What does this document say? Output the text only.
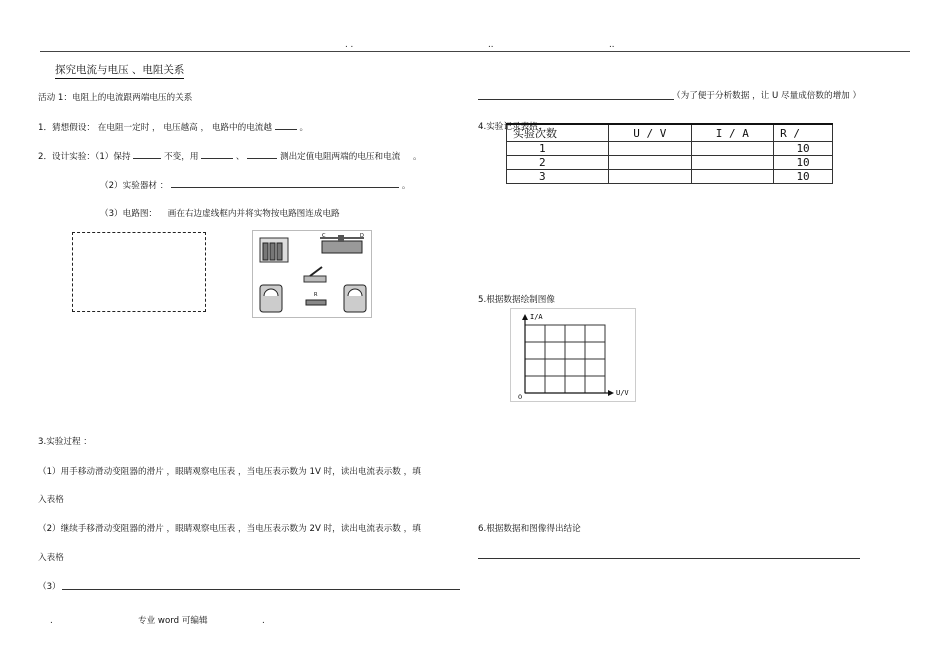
. .	..	..
探究电流与电压 、电阻关系
活动 1：电阻上的电流跟两端电压的关系
1．猜想假设： 在电阻一定时 ， 电压越高 ， 电路中的电流越	。
2．设计实验：（1）保持	不变，用	、	测出定值电阻两端的电压和电流 。
（2）实验器材 ：	。
（3）电路图： 画在右边虚线框内并将实物按电路图连成电路
C	D
R
3.实验过程 ：
（1）用手移动滑动变阻器的滑片 ，眼睛观察电压表 ，当电压表示数为 1V 时，读出电流表示数 ，填
入表格
（2）继续手移滑动变阻器的滑片 ，眼睛观察电压表 ，当电压表示数为 2V 时，读出电流表示数 ，填
入表格
（3）
（为了便于分析数据 ，让 U 尽量成倍数的增加 ）
4.实验记录表格：
实验次数	U / V	I / A	R /
1			10
2			10
3			10
5.根据数据绘制图像
I/A
U/V
0
6.根据数据和图像得出结论
.	专业 word 可编辑	.
